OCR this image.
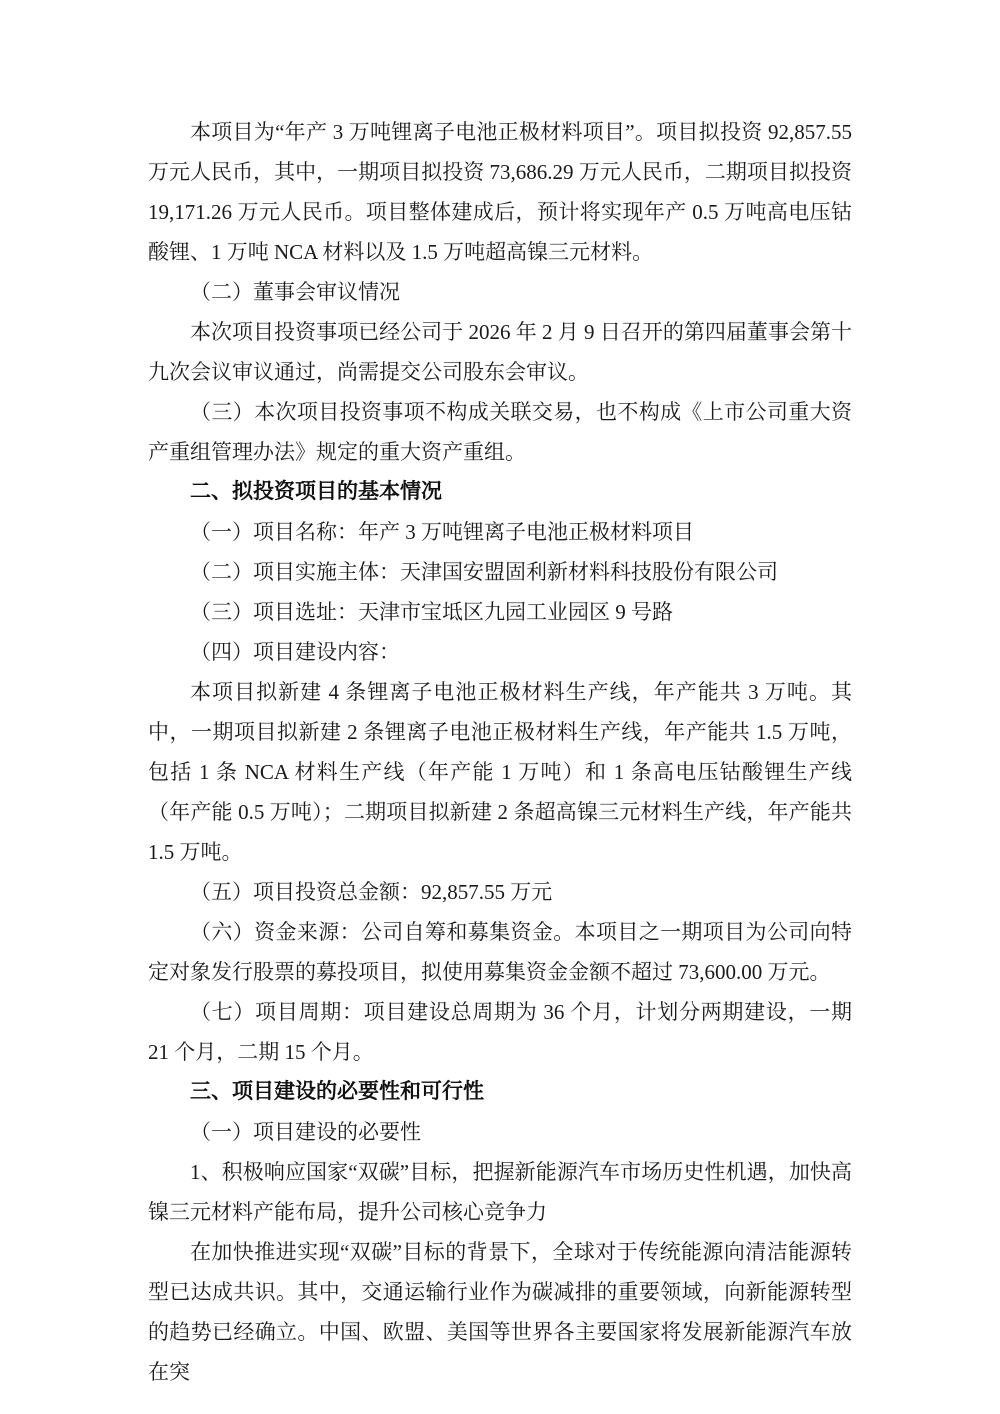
本项目为“年产 3 万吨锂离子电池正极材料项目”。项目拟投资 92,857.55 万元人民币，其中，一期项目拟投资 73,686.29 万元人民币，二期项目拟投资 19,171.26 万元人民币。项目整体建成后，预计将实现年产 0.5 万吨高电压钴酸锂、1 万吨 NCA 材料以及 1.5 万吨超高镍三元材料。

（二）董事会审议情况

本次项目投资事项已经公司于 2026 年 2 月 9 日召开的第四届董事会第十九次会议审议通过，尚需提交公司股东会审议。

（三）本次项目投资事项不构成关联交易，也不构成《上市公司重大资产重组管理办法》规定的重大资产重组。

二、拟投资项目的基本情况

（一）项目名称：年产 3 万吨锂离子电池正极材料项目

（二）项目实施主体：天津国安盟固利新材料科技股份有限公司

（三）项目选址：天津市宝坻区九园工业园区 9 号路

（四）项目建设内容：

本项目拟新建 4 条锂离子电池正极材料生产线，年产能共 3 万吨。其中，一期项目拟新建 2 条锂离子电池正极材料生产线，年产能共 1.5 万吨，包括 1 条 NCA 材料生产线（年产能 1 万吨）和 1 条高电压钴酸锂生产线（年产能 0.5 万吨）；二期项目拟新建 2 条超高镍三元材料生产线，年产能共 1.5 万吨。

（五）项目投资总金额：92,857.55 万元

（六）资金来源：公司自筹和募集资金。本项目之一期项目为公司向特定对象发行股票的募投项目，拟使用募集资金金额不超过 73,600.00 万元。

（七）项目周期：项目建设总周期为 36 个月，计划分两期建设，一期 21 个月，二期 15 个月。

三、项目建设的必要性和可行性

（一）项目建设的必要性

1、积极响应国家“双碳”目标，把握新能源汽车市场历史性机遇，加快高镍三元材料产能布局，提升公司核心竞争力

在加快推进实现“双碳”目标的背景下，全球对于传统能源向清洁能源转型已达成共识。其中，交通运输行业作为碳减排的重要领域，向新能源转型的趋势已经确立。中国、欧盟、美国等世界各主要国家将发展新能源汽车放在突
